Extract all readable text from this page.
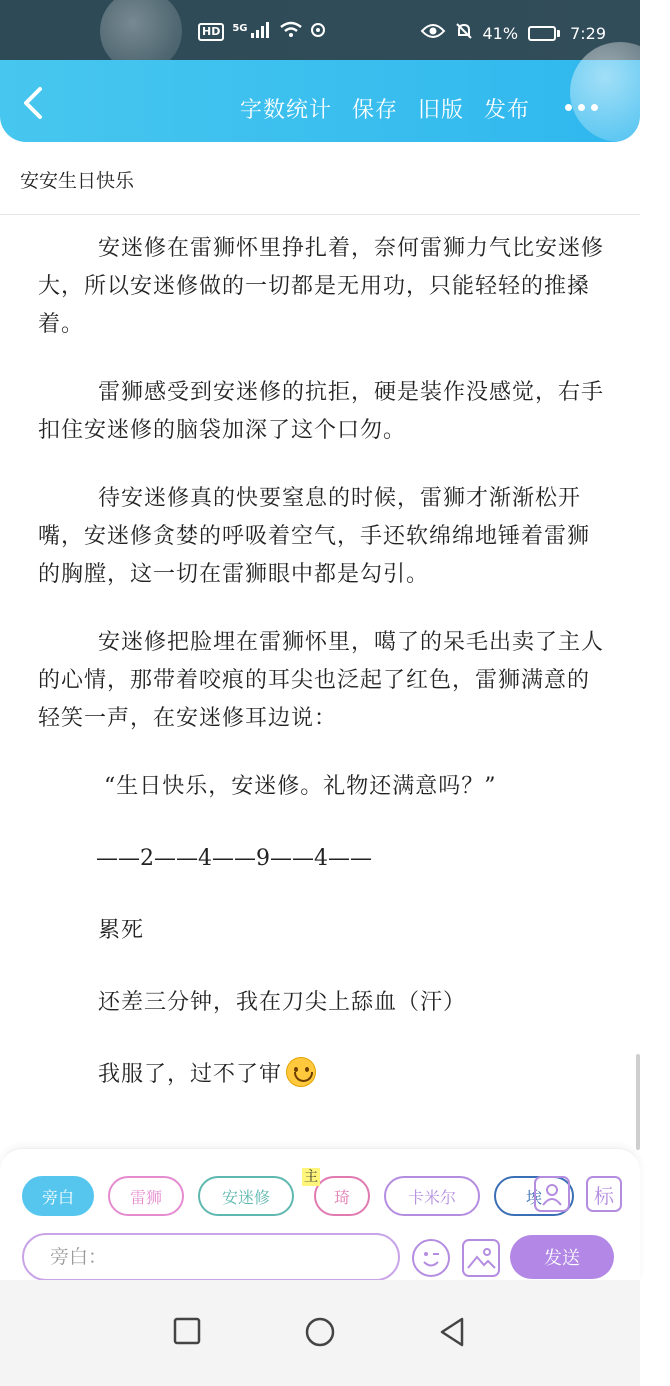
HD	5G	41%	7:29
字数统计 保存 旧版 发布
安安生日快乐

安迷修在雷狮怀里挣扎着，奈何雷狮力气比安迷修大，所以安迷修做的一切都是无用功，只能轻轻的推搡着。

雷狮感受到安迷修的抗拒，硬是装作没感觉，右手扣住安迷修的脑袋加深了这个口勿。

待安迷修真的快要窒息的时候，雷狮才渐渐松开嘴，安迷修贪婪的呼吸着空气，手还软绵绵地锤着雷狮的胸膛，这一切在雷狮眼中都是勾引。

安迷修把脸埋在雷狮怀里，噶了的呆毛出卖了主人的心情，那带着咬痕的耳尖也泛起了红色，雷狮满意的轻笑一声，在安迷修耳边说：

“生日快乐，安迷修。礼物还满意吗？”

——2——4——9——4——

累死

还差三分钟，我在刀尖上舔血（汗）

我服了，过不了审

旁白	雷狮	安迷修
主
琦	卡米尔	埃	标
旁白：
发送
